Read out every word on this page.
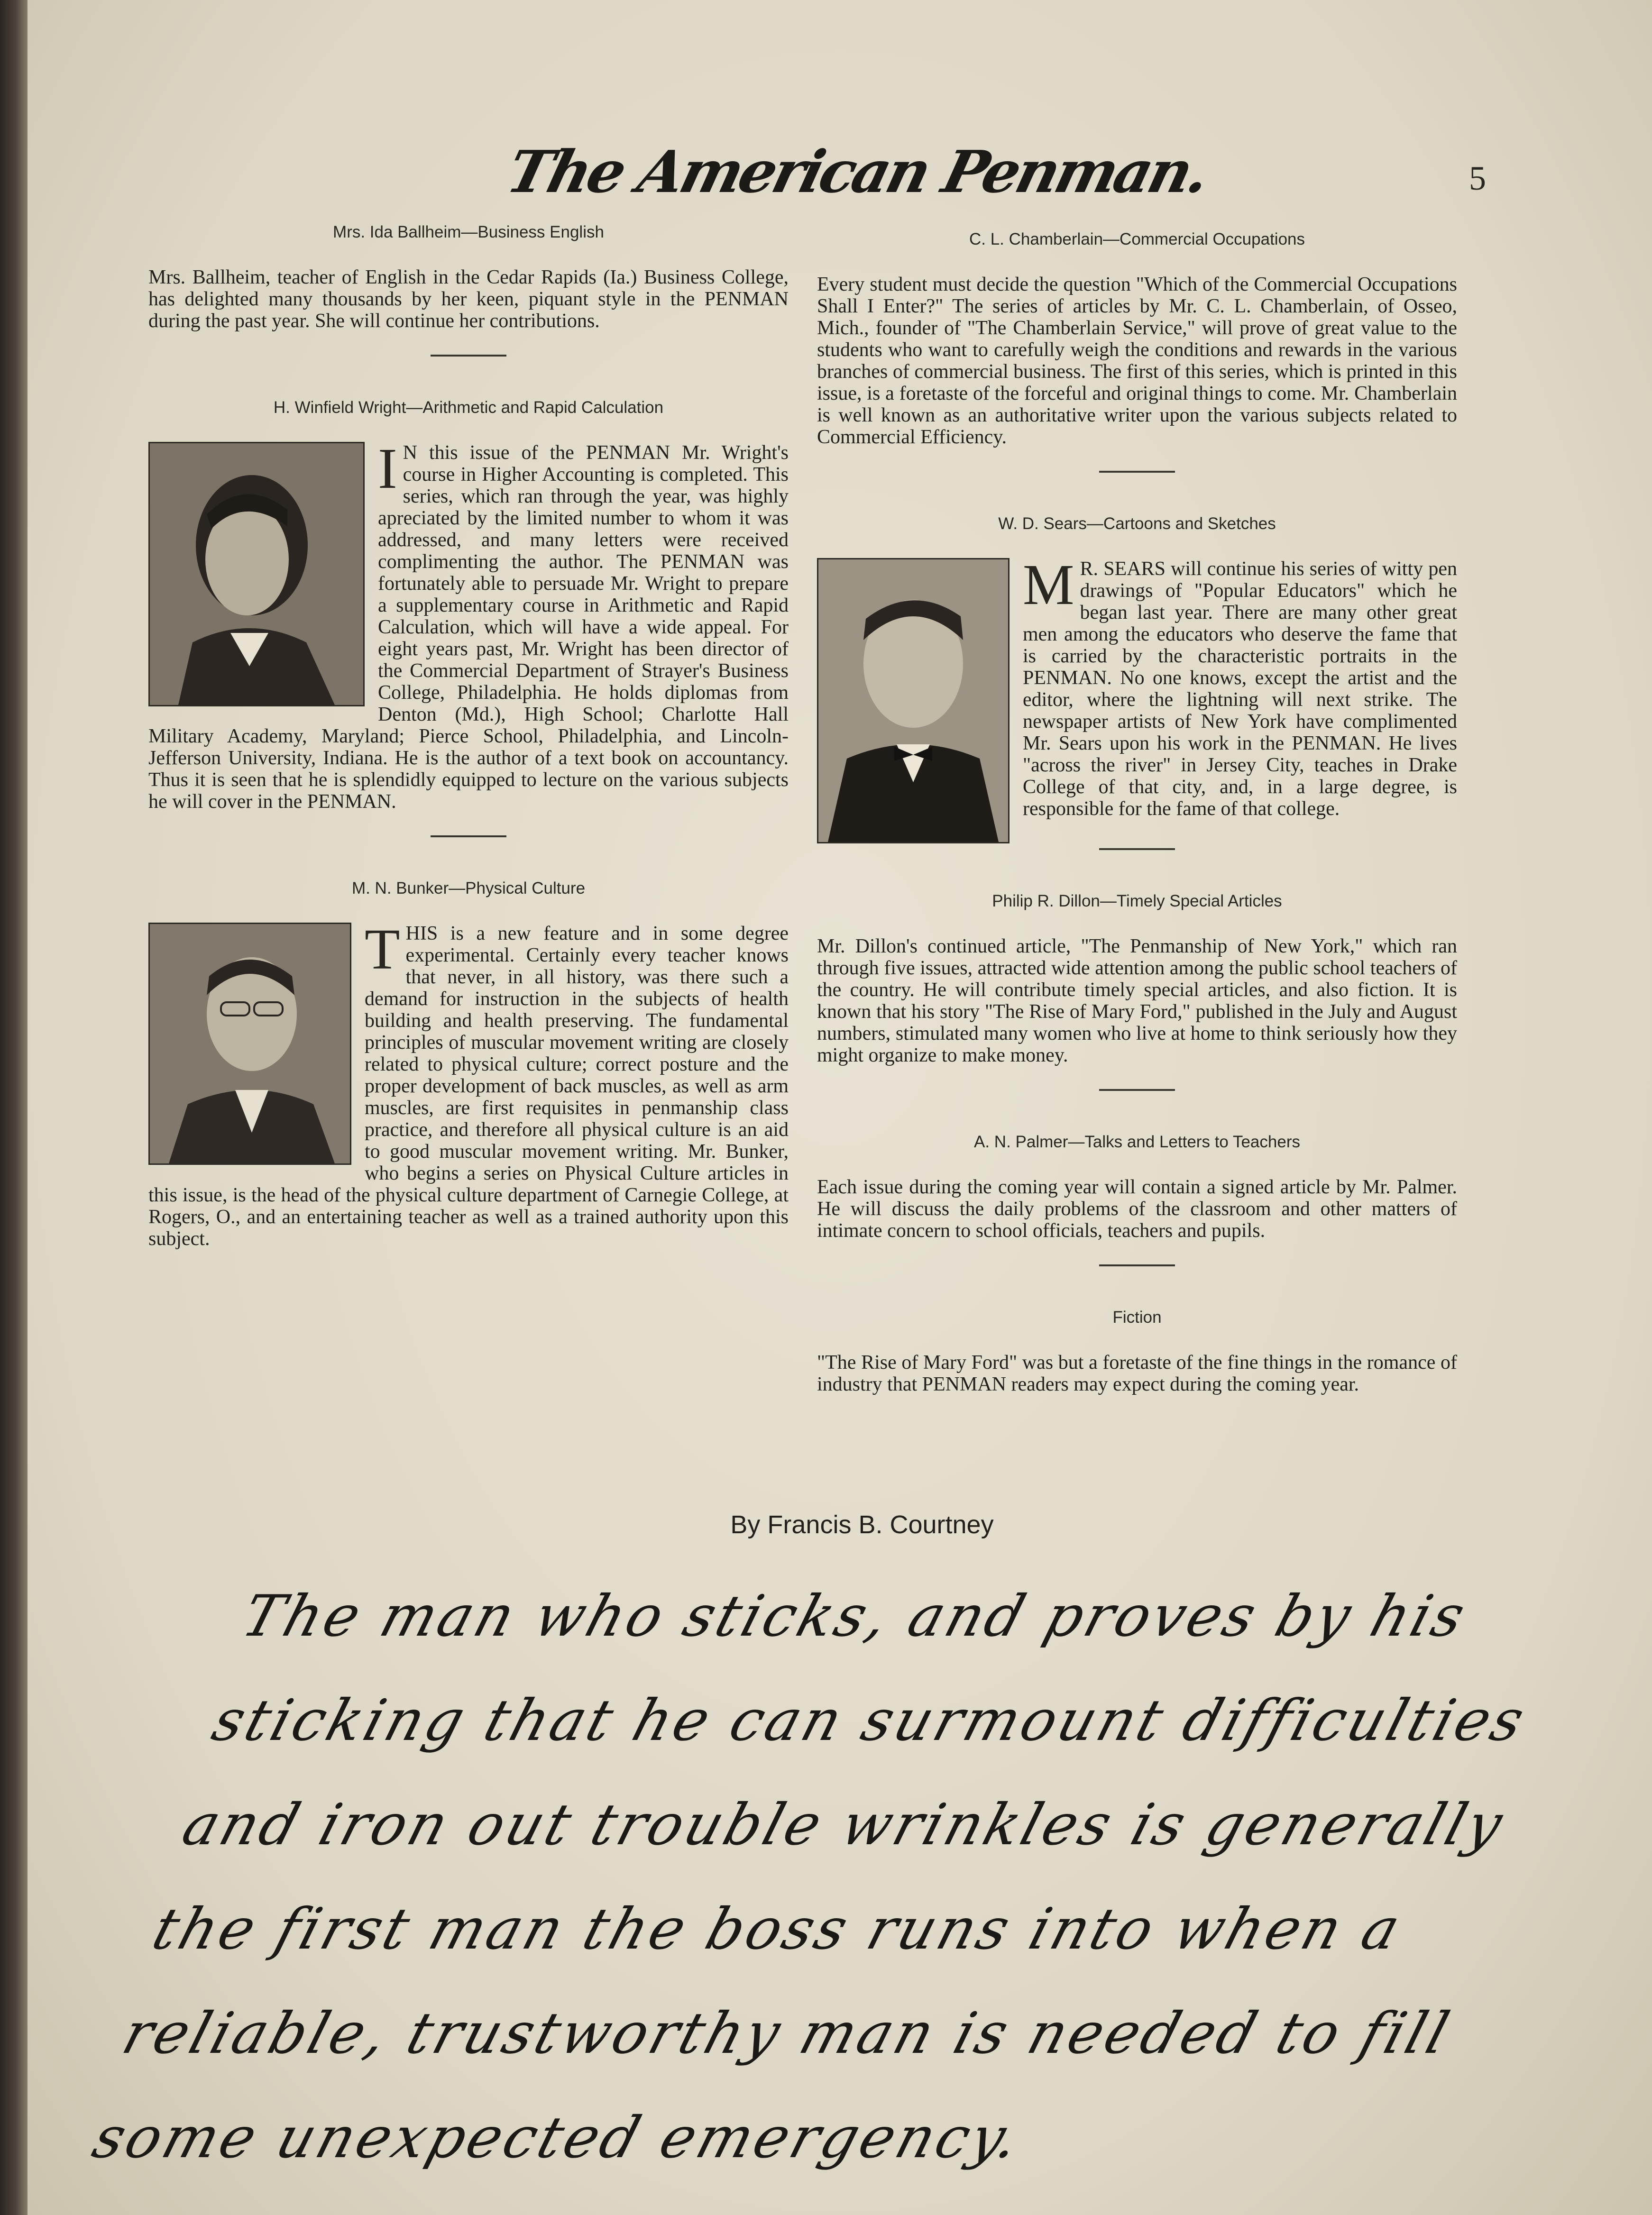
The American Penman.	5
Mrs. Ida Ballheim—Business English

Mrs. Ballheim, teacher of English in the Cedar Rapids (Ia.) Business College, has delighted many thousands by her keen, piquant style in the PENMAN during the past year. She will continue her contributions.

H. Winfield Wright—Arithmetic and Rapid Calculation

I N this issue of the PENMAN Mr. Wright's course in Higher Accounting is completed. This series, which ran through the year, was highly apreciated by the limited number to whom it was addressed, and many letters were received complimenting the author. The PENMAN was fortunately able to persuade Mr. Wright to prepare a supplementary course in Arithmetic and Rapid Calculation, which will have a wide appeal. For eight years past, Mr. Wright has been director of the Commercial Department of Strayer's Business College, Philadelphia. He holds diplomas from Denton (Md.), High School; Charlotte Hall Military Academy, Maryland; Pierce School, Philadelphia, and Lincoln-Jefferson University, Indiana. He is the author of a text book on accountancy. Thus it is seen that he is splendidly equipped to lecture on the various subjects he will cover in the PENMAN.

M. N. Bunker—Physical Culture

THIS is a new feature and in some degree experimental. Certainly every teacher knows that never, in all history, was there such a demand for instruction in the subjects of health building and health preserving. The fundamental principles of muscular movement writing are closely related to physical culture; correct posture and the proper development of back muscles, as well as arm muscles, are first requisites in penmanship class practice, and therefore all physical culture is an aid to good muscular movement writing. Mr. Bunker, who begins a series on Physical Culture articles in this issue, is the head of the physical culture department of Carnegie College, at Rogers, O., and an entertaining teacher as well as a trained authority upon this subject.

C. L. Chamberlain—Commercial Occupations

Every student must decide the question "Which of the Commercial Occupations Shall I Enter?" The series of articles by Mr. C. L. Chamberlain, of Osseo, Mich., founder of "The Chamberlain Service," will prove of great value to the students who want to carefully weigh the conditions and rewards in the various branches of commercial business. The first of this series, which is printed in this issue, is a foretaste of the forceful and original things to come. Mr. Chamberlain is well known as an authoritative writer upon the various subjects related to Commercial Efficiency.

W. D. Sears—Cartoons and Sketches

M R. SEARS will continue his series of witty pen drawings of "Popular Educators" which he began last year. There are many other great men among the educators who deserve the fame that is carried by the characteristic portraits in the PENMAN. No one knows, except the artist and the editor, where the lightning will next strike. The newspaper artists of New York have complimented Mr. Sears upon his work in the PENMAN. He lives "across the river" in Jersey City, teaches in Drake College of that city, and, in a large degree, is responsible for the fame of that college.

Philip R. Dillon—Timely Special Articles

Mr. Dillon's continued article, "The Penmanship of New York," which ran through five issues, attracted wide attention among the public school teachers of the country. He will contribute timely special articles, and also fiction. It is known that his story "The Rise of Mary Ford," published in the July and August numbers, stimulated many women who live at home to think seriously how they might organize to make money.

A. N. Palmer—Talks and Letters to Teachers

Each issue during the coming year will contain a signed article by Mr. Palmer. He will discuss the daily problems of the classroom and other matters of intimate concern to school officials, teachers and pupils.

Fiction

"The Rise of Mary Ford" was but a foretaste of the fine things in the romance of industry that PENMAN readers may expect during the coming year.

By Francis B. Courtney
The man who sticks, and proves by his
sticking that he can surmount difficulties
and iron out trouble wrinkles is generally
the first man the boss runs into when a
reliable, trustworthy man is needed to fill
some unexpected emergency.
